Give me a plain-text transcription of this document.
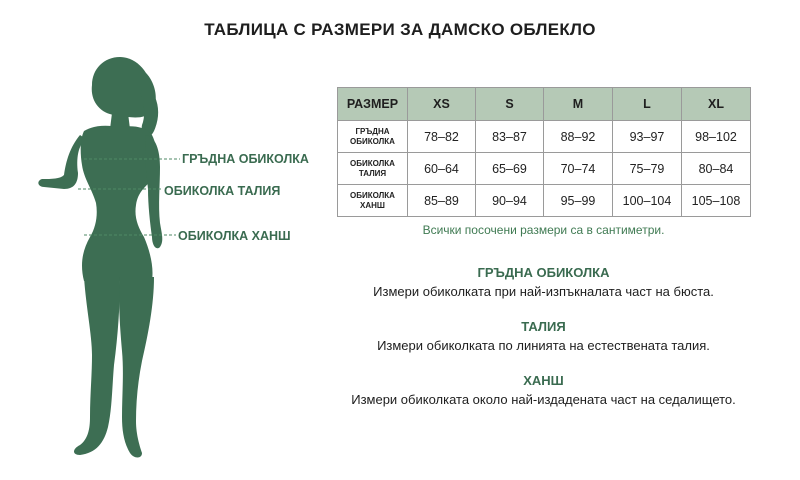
ТАБЛИЦА С РАЗМЕРИ ЗА ДАМСКО ОБЛЕКЛО
ГРЪДНА ОБИКОЛКА
ОБИКОЛКА ТАЛИЯ
ОБИКОЛКА ХАНШ
РАЗМЕР	XS	S	M	L	XL
ГРЪДНА
ОБИКОЛКА	78–82	83–87	88–92	93–97	98–102
ОБИКОЛКА
ТАЛИЯ	60–64	65–69	70–74	75–79	80–84
ОБИКОЛКА
ХАНШ	85–89	90–94	95–99	100–104	105–108
Всички посочени размери са в сантиметри.
ГРЪДНА ОБИКОЛКА
Измери обиколката при най-изпъкналата част на бюста.
ТАЛИЯ
Измери обиколката по линията на естествената талия.
ХАНШ
Измери обиколката около най-издадената част на седалището.
